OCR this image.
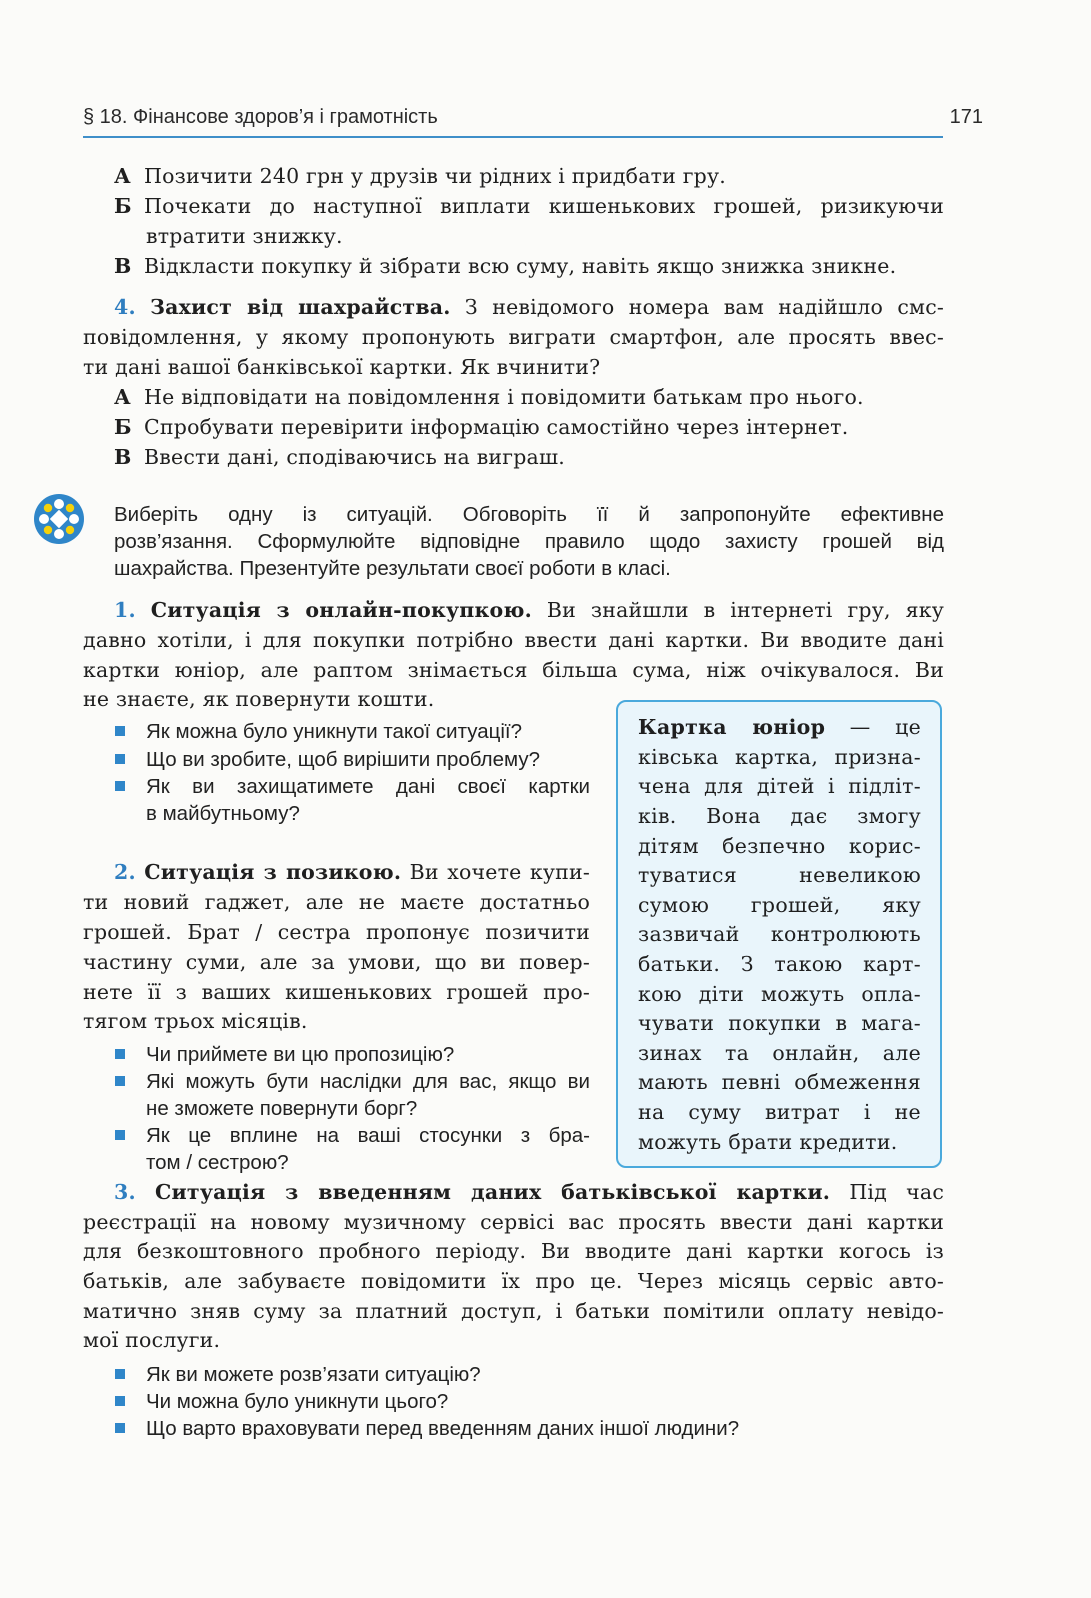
§ 18. Фінансове здоров’я і грамотність	171
А Позичити 240 грн у друзів чи рідних і придбати гру.
Б Почекати до наступної виплати кишенькових грошей, ризикуючи
втратити знижку.
В Відкласти покупку й зібрати всю суму, навіть якщо знижка зникне.
4. Захист від шахрайства. З невідомого номера вам надійшло смс-
повідомлення, у якому пропонують виграти смартфон, але просять ввес-
ти дані вашої банківської картки. Як вчинити?
А Не відповідати на повідомлення і повідомити батькам про нього.
Б Спробувати перевірити інформацію самостійно через інтернет.
В Ввести дані, сподіваючись на виграш.
Виберіть одну із ситуацій. Обговоріть її й запропонуйте ефективне
розв’язання. Сформулюйте відповідне правило щодо захисту грошей від
шахрайства. Презентуйте результати своєї роботи в класі.
1. Ситуація з онлайн-покупкою. Ви знайшли в інтернеті гру, яку
давно хотіли, і для покупки потрібно ввести дані картки. Ви вводите дані
картки юніор, але раптом знімається більша сума, ніж очікувалося. Ви
не знаєте, як повернути кошти.
Як можна було уникнути такої ситуації?
Що ви зробите, щоб вирішити проблему?
Як ви захищатимете дані своєї картки
в майбутньому?
2. Ситуація з позикою. Ви хочете купи-
ти новий гаджет, але не маєте достатньо
грошей. Брат / сестра пропонує позичити
частину суми, але за умови, що ви повер-
нете її з ваших кишенькових грошей про-
тягом трьох місяців.
Чи приймете ви цю пропозицію?
Які можуть бути наслідки для вас, якщо ви
не зможете повернути борг?
Як це вплине на ваші стосунки з бра-
том / сестрою?
Картка юніор — це
ківська картка, призна-
чена для дітей і підліт-
ків. Вона дає змогу
дітям безпечно корис-
туватися невеликою
сумою грошей, яку
зазвичай контролюють
батьки. З такою карт-
кою діти можуть опла-
чувати покупки в мага-
зинах та онлайн, але
мають певні обмеження
на суму витрат і не
можуть брати кредити.
3. Ситуація з введенням даних батьківської картки. Під час
реєстрації на новому музичному сервісі вас просять ввести дані картки
для безкоштовного пробного періоду. Ви вводите дані картки когось із
батьків, але забуваєте повідомити їх про це. Через місяць сервіс авто-
матично зняв суму за платний доступ, і батьки помітили оплату невідо-
мої послуги.
Як ви можете розв’язати ситуацію?
Чи можна було уникнути цього?
Що варто враховувати перед введенням даних іншої людини?
